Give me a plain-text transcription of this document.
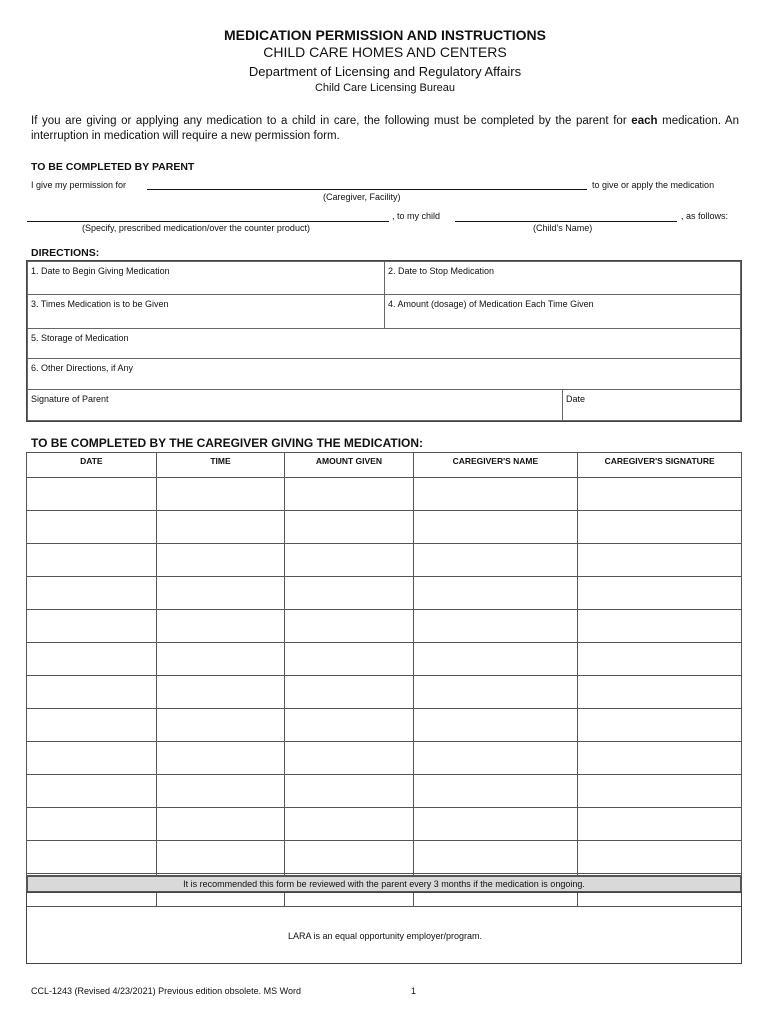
MEDICATION PERMISSION AND INSTRUCTIONS
CHILD CARE HOMES AND CENTERS
Department of Licensing and Regulatory Affairs
Child Care Licensing Bureau
If you are giving or applying any medication to a child in care, the following must be completed by the parent for each medication. An interruption in medication will require a new permission form.
TO BE COMPLETED BY PARENT
I give my permission for	to give or apply the medication
(Caregiver, Facility)
, to my child	, as follows:
(Specify, prescribed medication/over the counter product)	(Child's Name)
DIRECTIONS:
1. Date to Begin Giving Medication	2. Date to Stop Medication
3. Times Medication is to be Given	4. Amount (dosage) of Medication Each Time Given
5. Storage of Medication
6. Other Directions, if Any
Signature of Parent	Date
TO BE COMPLETED BY THE CAREGIVER GIVING THE MEDICATION:
DATE	TIME	AMOUNT GIVEN	CAREGIVER'S NAME	CAREGIVER'S SIGNATURE

It is recommended this form be reviewed with the parent every 3 months if the medication is ongoing.
LARA is an equal opportunity employer/program.
CCL-1243 (Revised 4/23/2021) Previous edition obsolete. MS Word	1
